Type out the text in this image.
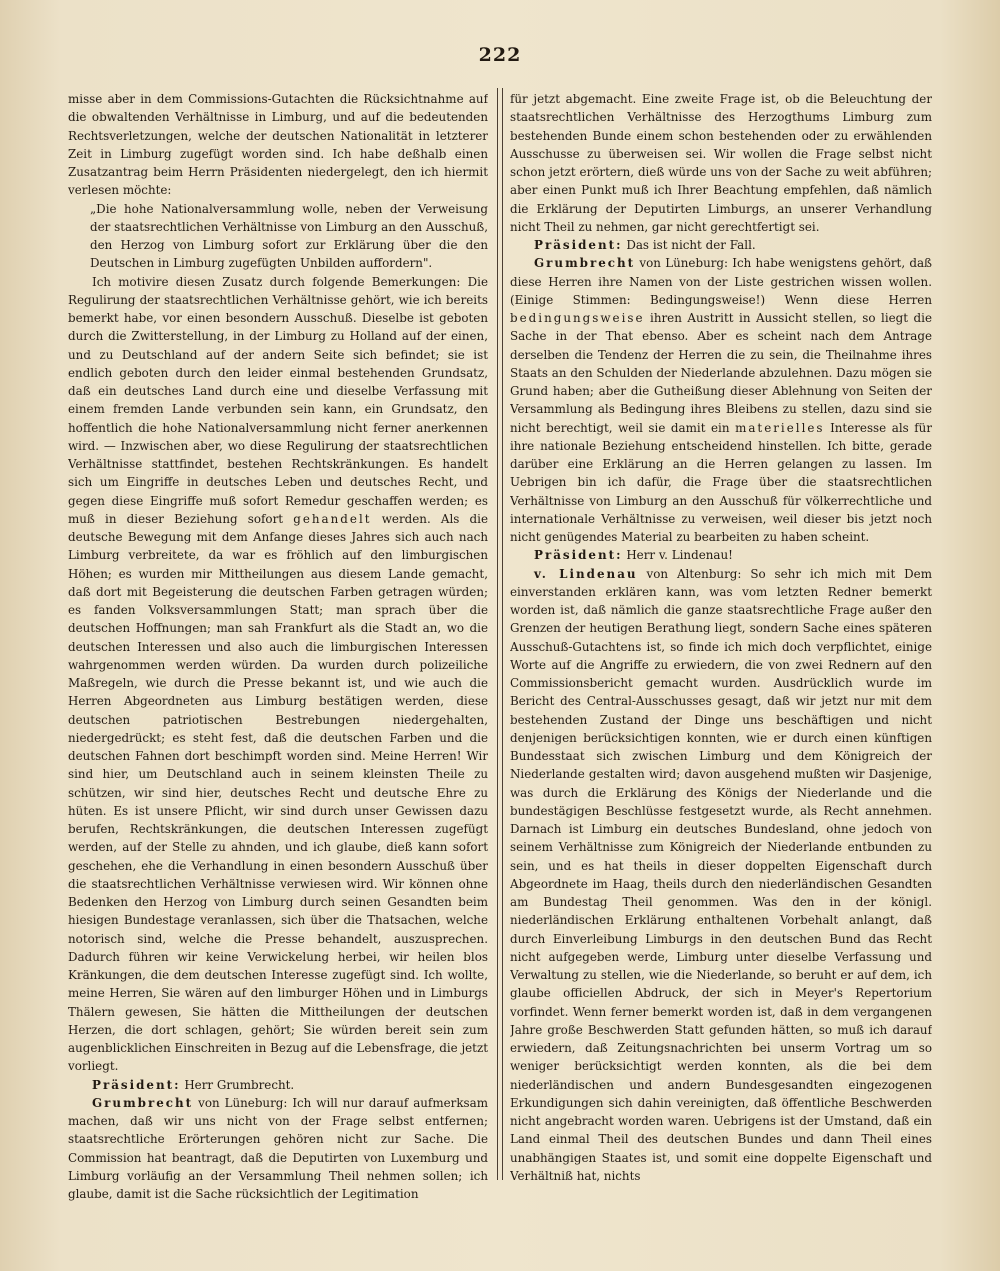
222

misse aber in dem Commissions-Gutachten die Rücksichtnahme auf die obwaltenden Verhältnisse in Limburg, und auf die bedeutenden Rechtsverletzungen, welche der deutschen Nationalität in letzterer Zeit in Limburg zugefügt worden sind. Ich habe deßhalb einen Zusatzantrag beim Herrn Präsidenten niedergelegt, den ich hiermit verlesen möchte:

„Die hohe Nationalversammlung wolle, neben der Verweisung der staatsrechtlichen Verhältnisse von Limburg an den Ausschuß, den Herzog von Limburg sofort zur Erklärung über die den Deutschen in Limburg zugefügten Unbilden auffordern".

Ich motivire diesen Zusatz durch folgende Bemerkungen: Die Regulirung der staatsrechtlichen Verhältnisse gehört, wie ich bereits bemerkt habe, vor einen besondern Ausschuß. Dieselbe ist geboten durch die Zwitterstellung, in der Limburg zu Holland auf der einen, und zu Deutschland auf der andern Seite sich befindet; sie ist endlich geboten durch den leider einmal bestehenden Grundsatz, daß ein deutsches Land durch eine und dieselbe Verfassung mit einem fremden Lande verbunden sein kann, ein Grundsatz, den hoffentlich die hohe Nationalversammlung nicht ferner anerkennen wird. — Inzwischen aber, wo diese Regulirung der staatsrechtlichen Verhältnisse stattfindet, bestehen Rechtskränkungen. Es handelt sich um Eingriffe in deutsches Leben und deutsches Recht, und gegen diese Eingriffe muß sofort Remedur geschaffen werden; es muß in dieser Beziehung sofort gehandelt werden. Als die deutsche Bewegung mit dem Anfange dieses Jahres sich auch nach Limburg verbreitete, da war es fröhlich auf den limburgischen Höhen; es wurden mir Mittheilungen aus diesem Lande gemacht, daß dort mit Begeisterung die deutschen Farben getragen würden; es fanden Volksversammlungen Statt; man sprach über die deutschen Hoffnungen; man sah Frankfurt als die Stadt an, wo die deutschen Interessen und also auch die limburgischen Interessen wahrgenommen werden würden. Da wurden durch polizeiliche Maßregeln, wie durch die Presse bekannt ist, und wie auch die Herren Abgeordneten aus Limburg bestätigen werden, diese deutschen patriotischen Bestrebungen niedergehalten, niedergedrückt; es steht fest, daß die deutschen Farben und die deutschen Fahnen dort beschimpft worden sind. Meine Herren! Wir sind hier, um Deutschland auch in seinem kleinsten Theile zu schützen, wir sind hier, deutsches Recht und deutsche Ehre zu hüten. Es ist unsere Pflicht, wir sind durch unser Gewissen dazu berufen, Rechtskränkungen, die deutschen Interessen zugefügt werden, auf der Stelle zu ahnden, und ich glaube, dieß kann sofort geschehen, ehe die Verhandlung in einen besondern Ausschuß über die staatsrechtlichen Verhältnisse verwiesen wird. Wir können ohne Bedenken den Herzog von Limburg durch seinen Gesandten beim hiesigen Bundestage veranlassen, sich über die Thatsachen, welche notorisch sind, welche die Presse behandelt, auszusprechen. Dadurch führen wir keine Verwickelung herbei, wir heilen blos Kränkungen, die dem deutschen Interesse zugefügt sind. Ich wollte, meine Herren, Sie wären auf den limburger Höhen und in Limburgs Thälern gewesen, Sie hätten die Mittheilungen der deutschen Herzen, die dort schlagen, gehört; Sie würden bereit sein zum augenblicklichen Einschreiten in Bezug auf die Lebensfrage, die jetzt vorliegt.

Präsident: Herr Grumbrecht.

Grumbrecht von Lüneburg: Ich will nur darauf aufmerksam machen, daß wir uns nicht von der Frage selbst entfernen; staatsrechtliche Erörterungen gehören nicht zur Sache. Die Commission hat beantragt, daß die Deputirten von Luxemburg und Limburg vorläufig an der Versammlung Theil nehmen sollen; ich glaube, damit ist die Sache rücksichtlich der Legitimation

für jetzt abgemacht. Eine zweite Frage ist, ob die Beleuchtung der staatsrechtlichen Verhältnisse des Herzogthums Limburg zum bestehenden Bunde einem schon bestehenden oder zu erwählenden Ausschusse zu überweisen sei. Wir wollen die Frage selbst nicht schon jetzt erörtern, dieß würde uns von der Sache zu weit abführen; aber einen Punkt muß ich Ihrer Beachtung empfehlen, daß nämlich die Erklärung der Deputirten Limburgs, an unserer Verhandlung nicht Theil zu nehmen, gar nicht gerechtfertigt sei.

Präsident: Das ist nicht der Fall.

Grumbrecht von Lüneburg: Ich habe wenigstens gehört, daß diese Herren ihre Namen von der Liste gestrichen wissen wollen. (Einige Stimmen: Bedingungsweise!) Wenn diese Herren bedingungsweise ihren Austritt in Aussicht stellen, so liegt die Sache in der That ebenso. Aber es scheint nach dem Antrage derselben die Tendenz der Herren die zu sein, die Theilnahme ihres Staats an den Schulden der Niederlande abzulehnen. Dazu mögen sie Grund haben; aber die Gutheißung dieser Ablehnung von Seiten der Versammlung als Bedingung ihres Bleibens zu stellen, dazu sind sie nicht berechtigt, weil sie damit ein materielles Interesse als für ihre nationale Beziehung entscheidend hinstellen. Ich bitte, gerade darüber eine Erklärung an die Herren gelangen zu lassen. Im Uebrigen bin ich dafür, die Frage über die staatsrechtlichen Verhältnisse von Limburg an den Ausschuß für völkerrechtliche und internationale Verhältnisse zu verweisen, weil dieser bis jetzt noch nicht genügendes Material zu bearbeiten zu haben scheint.

Präsident: Herr v. Lindenau!

v. Lindenau von Altenburg: So sehr ich mich mit Dem einverstanden erklären kann, was vom letzten Redner bemerkt worden ist, daß nämlich die ganze staatsrechtliche Frage außer den Grenzen der heutigen Berathung liegt, sondern Sache eines späteren Ausschuß-Gutachtens ist, so finde ich mich doch verpflichtet, einige Worte auf die Angriffe zu erwiedern, die von zwei Rednern auf den Commissionsbericht gemacht wurden. Ausdrücklich wurde im Bericht des Central-Ausschusses gesagt, daß wir jetzt nur mit dem bestehenden Zustand der Dinge uns beschäftigen und nicht denjenigen berücksichtigen konnten, wie er durch einen künftigen Bundesstaat sich zwischen Limburg und dem Königreich der Niederlande gestalten wird; davon ausgehend mußten wir Dasjenige, was durch die Erklärung des Königs der Niederlande und die bundestägigen Beschlüsse festgesetzt wurde, als Recht annehmen. Darnach ist Limburg ein deutsches Bundesland, ohne jedoch von seinem Verhältnisse zum Königreich der Niederlande entbunden zu sein, und es hat theils in dieser doppelten Eigenschaft durch Abgeordnete im Haag, theils durch den niederländischen Gesandten am Bundestag Theil genommen. Was den in der königl. niederländischen Erklärung enthaltenen Vorbehalt anlangt, daß durch Einverleibung Limburgs in den deutschen Bund das Recht nicht aufgegeben werde, Limburg unter dieselbe Verfassung und Verwaltung zu stellen, wie die Niederlande, so beruht er auf dem, ich glaube officiellen Abdruck, der sich in Meyer's Repertorium vorfindet. Wenn ferner bemerkt worden ist, daß in dem vergangenen Jahre große Beschwerden Statt gefunden hätten, so muß ich darauf erwiedern, daß Zeitungsnachrichten bei unserm Vortrag um so weniger berücksichtigt werden konnten, als die bei dem niederländischen und andern Bundesgesandten eingezogenen Erkundigungen sich dahin vereinigten, daß öffentliche Beschwerden nicht angebracht worden waren. Uebrigens ist der Umstand, daß ein Land einmal Theil des deutschen Bundes und dann Theil eines unabhängigen Staates ist, und somit eine doppelte Eigenschaft und Verhältniß hat, nichts
